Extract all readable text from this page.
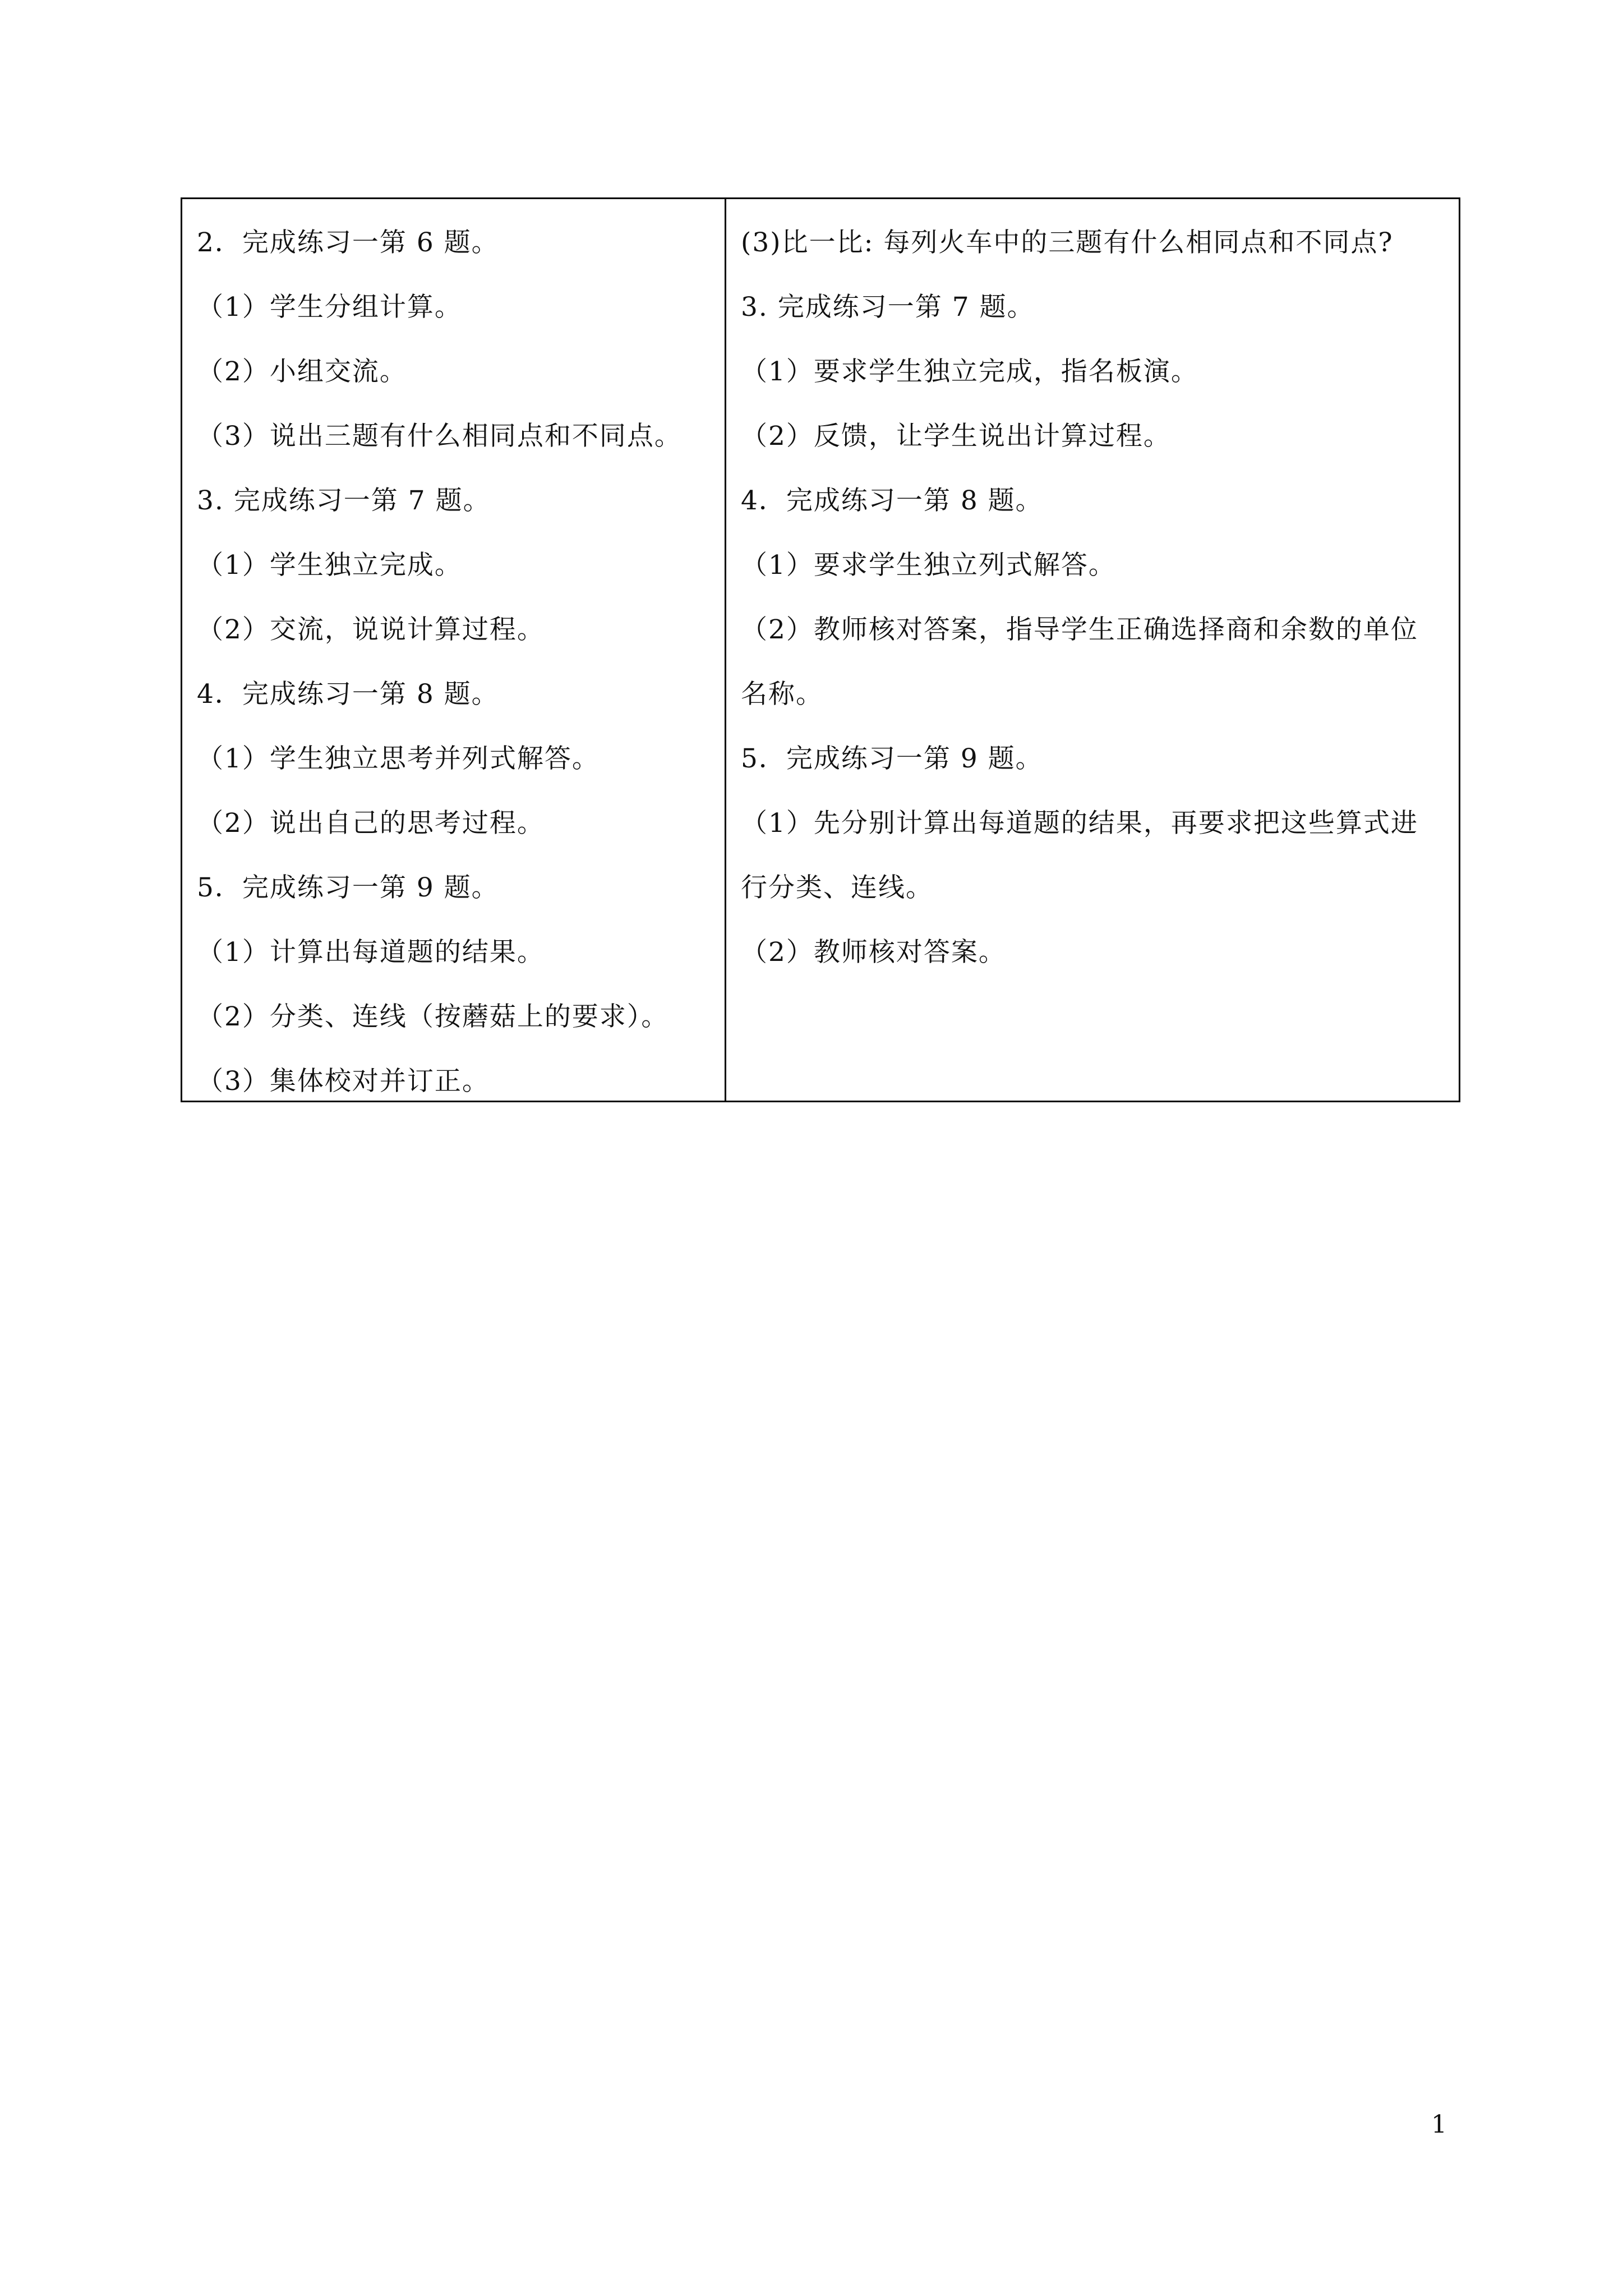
2．完成练习一第 6 题。
（1）学生分组计算。
（2）小组交流。
（3）说出三题有什么相同点和不同点。
3. 完成练习一第 7 题。
（1）学生独立完成。
（2）交流，说说计算过程。
4．完成练习一第 8 题。
（1）学生独立思考并列式解答。
（2）说出自己的思考过程。
5．完成练习一第 9 题。
（1）计算出每道题的结果。
（2）分类、连线（按蘑菇上的要求）。
（3）集体校对并订正。
(3)比一比: 每列火车中的三题有什么相同点和不同点?
3. 完成练习一第 7 题。
（1）要求学生独立完成，指名板演。
（2）反馈，让学生说出计算过程。
4．完成练习一第 8 题。
（1）要求学生独立列式解答。
（2）教师核对答案，指导学生正确选择商和余数的单位
名称。
5．完成练习一第 9 题。
（1）先分别计算出每道题的结果，再要求把这些算式进
行分类、连线。
（2）教师核对答案。
1
